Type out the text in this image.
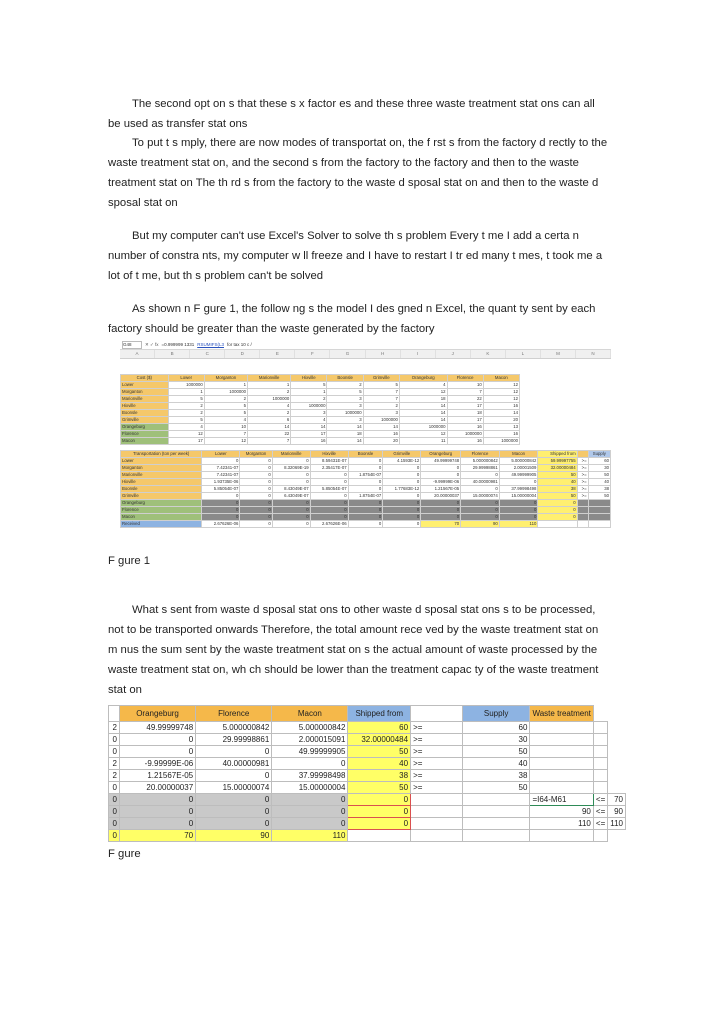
The second opt on s that these s x factor es and these three waste treatment stat ons can all be used as transfer stat ons

To put t s mply, there are now modes of transportat on, the f rst s from the factory d rectly to the waste treatment stat on, and the second s from the factory to the factory and then to the waste treatment stat on The th rd s from the factory to the waste d sposal stat on and then to the waste d sposal stat on

But my computer can't use Excel's Solver to solve th s problem Every t me I add a certa n number of constra nts, my computer w ll freeze and I have to restart I tr ed many t mes, t took me a lot of t me, but th s problem can't be solved

As shown n F gure 1, the follow ng s the model I des gned n Excel, the quant ty sent by each factory should be greater than the waste generated by the factory

G48	✕ ✓ fx =0.999999 1331 RSUMIFS(L3 for tax 10 c /
A	B	C	D	E	F	G	H	I	J	K	L	M	N
Cost ($)	Lower	Morganton	Marionville	Hixville	Boonsle	Grimville	Orangeburg	Florence	Macon
Lower	1000000	1	1	5	2	5	4	10	12
Morganton	1	1000000	2	1	5	7	12	7	12
Marionville	5	2	1000000	2	3	7	18	22	12
Hixville	2	5	4	1000000	3	2	14	17	16
Boonsle	2	5	2	3	1000000	3	14	18	14
Grimville	5	4	6	4	3	1000000	14	17	20
Orangeburg	4	10	14	14	14	14	1000000	16	13
Florence	12	7	22	17	18	16	12	1000000	16
Macon	17	12	7	16	14	20	11	16	1000000
Transportation (ton per week)	Lower	Morganton	Marionville	Hixville	Boonsle	Grimville	Orangeburg	Florence	Macon	Shipped from		Supply
Lower	0	0	0	8.59431E-07	0	4.1593E-12	49.99999748	5.000000842	5.000000842	59.99997755	>=	60
Morganton	7.42341-07	0	8.32069E-19	2.35417E-07	0	0	0	29.99998861	2.00001509	32.00000484	>=	30
Marionville	7.42341-07	0	0	0	1.8754E-07	0	0	0	49.99999905	50	>=	50
Hixville	1.93735E-06	0	0	0	0	0	-9.99999E-06	40.00000981	0	40	>=	40
Boonsle	5.85054E-07	0	8.43049E-07	5.85054E-07	0	1.77683E-12	1.21567E-05	0	37.99998498	38	>=	38
Grimville	0	0	6.43049E-07	0	1.8754E-07	0	20.00000037	15.00000074	15.00000004	50	>=	50
Orangeburg	0	0	0	0	0	0	0	0	0	0		
Florence	0	0	0	0	0	0	0	0	0	0		
Macon	0	0	0	0	0	0	0	0	0	0		
Received	2.67626E-06	0	0	2.67626E-06	0	0	70	90	110			

F gure 1

What s sent from waste d sposal stat ons to other waste d sposal stat ons s to be processed, not to be transported onwards Therefore, the total amount rece ved by the waste treatment stat on m nus the sum sent by the waste treatment stat on s the actual amount of waste processed by the waste treatment stat on, wh ch should be lower than the treatment capac ty of the waste treatment stat on

	Orangeburg	Florence	Macon	Shipped from		Supply	Waste treatment		
2	49.99999748	5.000000842	5.000000842	60	>=	60			
0	0	29.99998861	2.000015091	32.00000484	>=	30			
0	0	0	49.99999905	50	>=	50			
2	-9.99999E-06	40.00000981	0	40	>=	40			
2	1.21567E-05	0	37.99998498	38	>=	38			
0	20.00000037	15.00000074	15.00000004	50	>=	50			
0	0	0	0	0			=I64-M61	<=	70
0	0	0	0	0			90	<=	90
0	0	0	0	0			110	<=	110
0	70	90	110						

F gure
